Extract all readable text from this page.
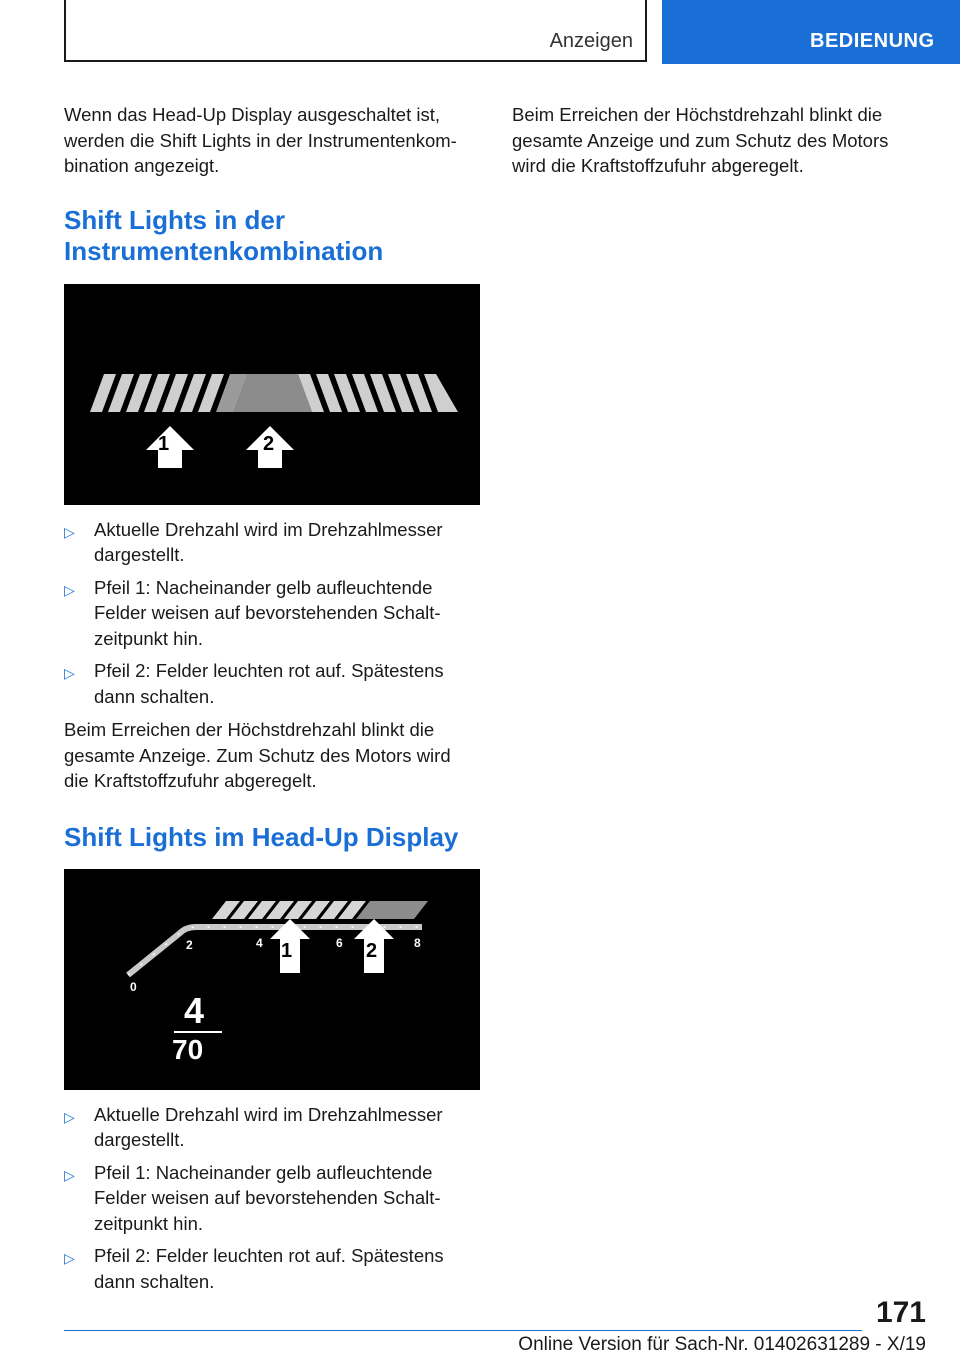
Anzeigen	BEDIENUNG

Wenn das Head-Up Display ausgeschaltet ist, werden die Shift Lights in der Instrumentenkombination angezeigt.

Shift Lights in der Instrumentenkombination
1	2
▷ Aktuelle Drehzahl wird im Drehzahlmesser dargestellt.
▷ Pfeil 1: Nacheinander gelb aufleuchtende Felder weisen auf bevorstehenden Schaltzeitpunkt hin.
▷ Pfeil 2: Felder leuchten rot auf. Spätestens dann schalten.

Beim Erreichen der Höchstdrehzahl blinkt die gesamte Anzeige. Zum Schutz des Motors wird die Kraftstoffzufuhr abgeregelt.

Shift Lights im Head-Up Display
0
2	4	6	8
1	2
4
70
▷ Aktuelle Drehzahl wird im Drehzahlmesser dargestellt.
▷ Pfeil 1: Nacheinander gelb aufleuchtende Felder weisen auf bevorstehenden Schaltzeitpunkt hin.
▷ Pfeil 2: Felder leuchten rot auf. Spätestens dann schalten.

Beim Erreichen der Höchstdrehzahl blinkt die gesamte Anzeige und zum Schutz des Motors wird die Kraftstoffzufuhr abgeregelt.

171
Online Version für Sach-Nr. 01402631289 - X/19
